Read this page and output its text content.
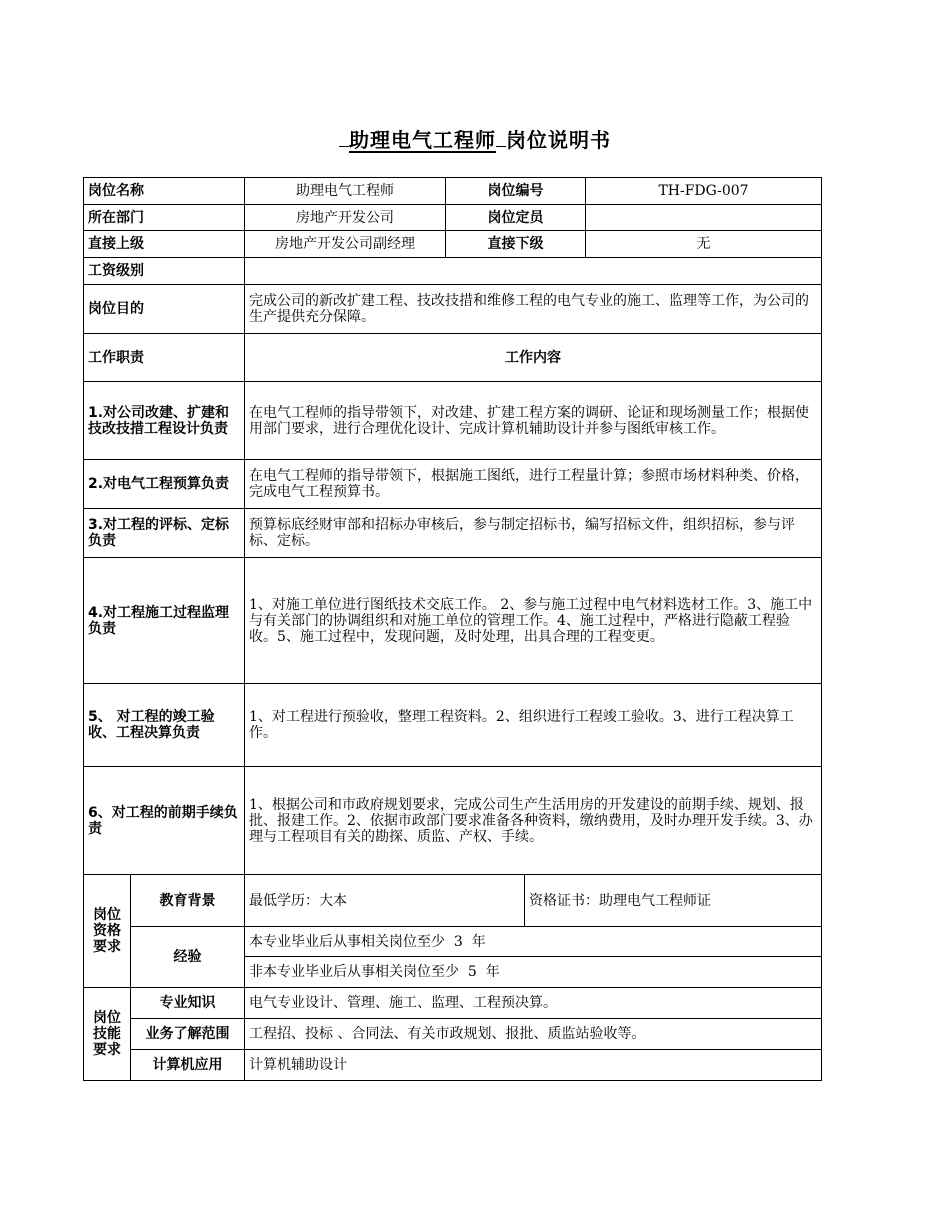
助理电气工程师 岗位说明书
岗位名称		助理电气工程师	岗位编号		TH-FDG-007
所在部门		房地产开发公司	岗位定员		
直接上级		房地产开发公司副经理	直接下级		无
工资级别					
岗位目的		完成公司的新改扩建工程、技改技措和维修工程的电气专业的施工、监理等工作，为公司的生产提供充分保障。			
工作职责		工作内容			
1.对公司改建、扩建和技改技措工程设计负责		在电气工程师的指导带领下，对改建、扩建工程方案的调研、论证和现场测量工作；根据使用部门要求，进行合理优化设计、完成计算机辅助设计并参与图纸审核工作。			
2.对电气工程预算负责		在电气工程师的指导带领下，根据施工图纸，进行工程量计算；参照市场材料种类、价格，完成电气工程预算书。			
3.对工程的评标、定标负责		预算标底经财审部和招标办审核后，参与制定招标书，编写招标文件，组织招标，参与评标、定标。			
4.对工程施工过程监理负责		1、对施工单位进行图纸技术交底工作。 2、参与施工过程中电气材料选材工作。3、施工中与有关部门的协调组织和对施工单位的管理工作。4、施工过程中，严格进行隐蔽工程验收。5、施工过程中，发现问题，及时处理，出具合理的工程变更。			
5、 对工程的竣工验收、工程决算负责		1、对工程进行预验收，整理工程资料。2、组织进行工程竣工验收。3、进行工程决算工作。			
6、对工程的前期手续负责		1、根据公司和市政府规划要求，完成公司生产生活用房的开发建设的前期手续、规划、报批、报建工作。2、依据市政部门要求准备各种资料，缴纳费用，及时办理开发手续。3、办理与工程项目有关的勘探、质监、产权、手续。			

岗位资格要求	教育背景	最低学历：大本		资格证书：助理电气工程师证	
	经验	本专业毕业后从事相关岗位至少  3  年			
		非本专业毕业后从事相关岗位至少  5  年			

岗位技能要求	专业知识	电气专业设计、管理、施工、监理、工程预决算。			
	业务了解范围	工程招、投标 、合同法、有关市政规划、报批、质监站验收等。			
	计算机应用	计算机辅助设计			
